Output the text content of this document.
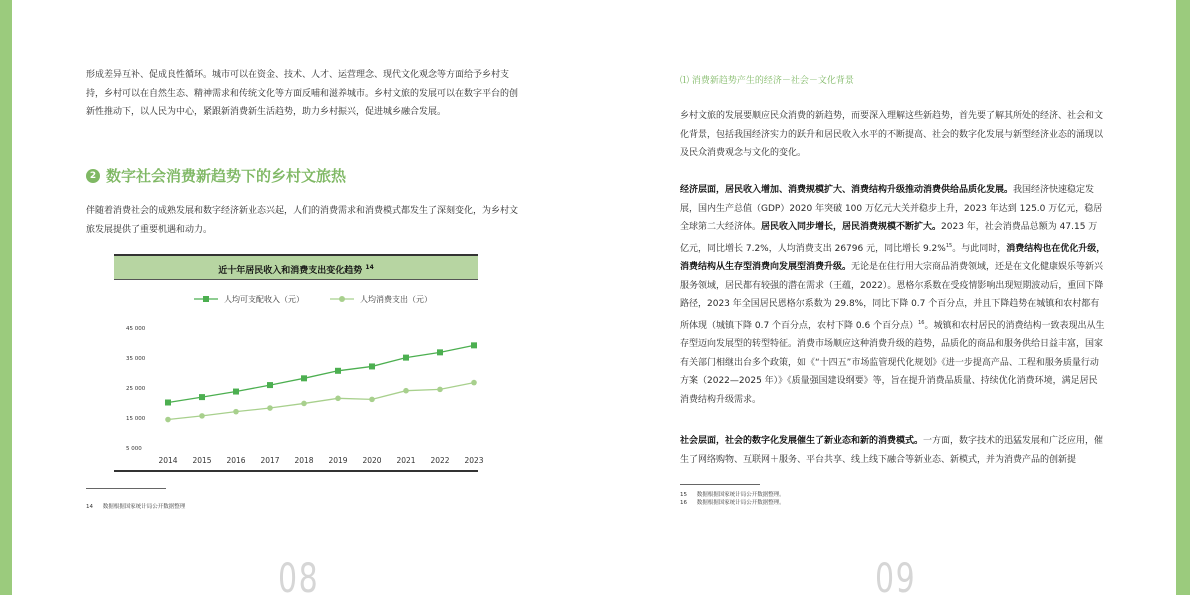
形成差异互补、促成良性循环。城市可以在资金、技术、人才、运营理念、现代文化观念等方面给予乡村支持，乡村可以在自然生态、精神需求和传统文化等方面反哺和滋养城市。乡村文旅的发展可以在数字平台的创新性推动下，以人民为中心，紧跟新消费新生活趋势，助力乡村振兴，促进城乡融合发展。

2 数字社会消费新趋势下的乡村文旅热

伴随着消费社会的成熟发展和数字经济新业态兴起，人们的消费需求和消费模式都发生了深刻变化，为乡村文旅发展提供了重要机遇和动力。

近十年居民收入和消费支出变化趋势 $^{14}$
人均可支配收入（元）	人均消费支出（元）
45 000
35 000
25 000
15 000
5 000
2014 2015 2016 2017 2018 2019 2020 2021 2022 2023
14 数据根据国家统计局公开数据整理
08
⑴ 消费新趋势产生的经济－社会－文化背景

乡村文旅的发展要顺应民众消费的新趋势，而要深入理解这些新趋势，首先要了解其所处的经济、社会和文化背景，包括我国经济实力的跃升和居民收入水平的不断提高、社会的数字化发展与新型经济业态的涌现以及民众消费观念与文化的变化。

经济层面，居民收入增加、消费规模扩大、消费结构升级推动消费供给品质化发展。我国经济快速稳定发展，国内生产总值（GDP）2020 年突破 100 万亿元大关并稳步上升，2023 年达到 125.0 万亿元，稳居全球第二大经济体。居民收入同步增长，居民消费规模不断扩大。2023 年，社会消费品总额为 47.15 万亿元，同比增长 7.2%，人均消费支出 26796 元，同比增长 9.2%$^{15}$。与此同时，消费结构也在优化升级，消费结构从生存型消费向发展型消费升级。无论是在住行用大宗商品消费领域，还是在文化健康娱乐等新兴服务领域，居民都有较强的潜在需求（王蕴，2022）。恩格尔系数在受疫情影响出现短期波动后，重回下降路径，2023 年全国居民恩格尔系数为 29.8%，同比下降 0.7 个百分点，并且下降趋势在城镇和农村都有所体现（城镇下降 0.7 个百分点，农村下降 0.6 个百分点）$^{16}$。城镇和农村居民的消费结构一致表现出从生存型迈向发展型的转型特征。消费市场顺应这种消费升级的趋势，品质化的商品和服务供给日益丰富，国家有关部门相继出台多个政策，如《“十四五”市场监管现代化规划》《进一步提高产品、工程和服务质量行动方案（2022—2025 年）》《质量强国建设纲要》等，旨在提升消费品质量、持续优化消费环境，满足居民消费结构升级需求。

社会层面，社会的数字化发展催生了新业态和新的消费模式。一方面，数字技术的迅猛发展和广泛应用，催生了网络购物、互联网＋服务、平台共享、线上线下融合等新业态、新模式，并为消费产品的创新提

15 数据根据国家统计局公开数据整理。
16 数据根据国家统计局公开数据整理。
09
